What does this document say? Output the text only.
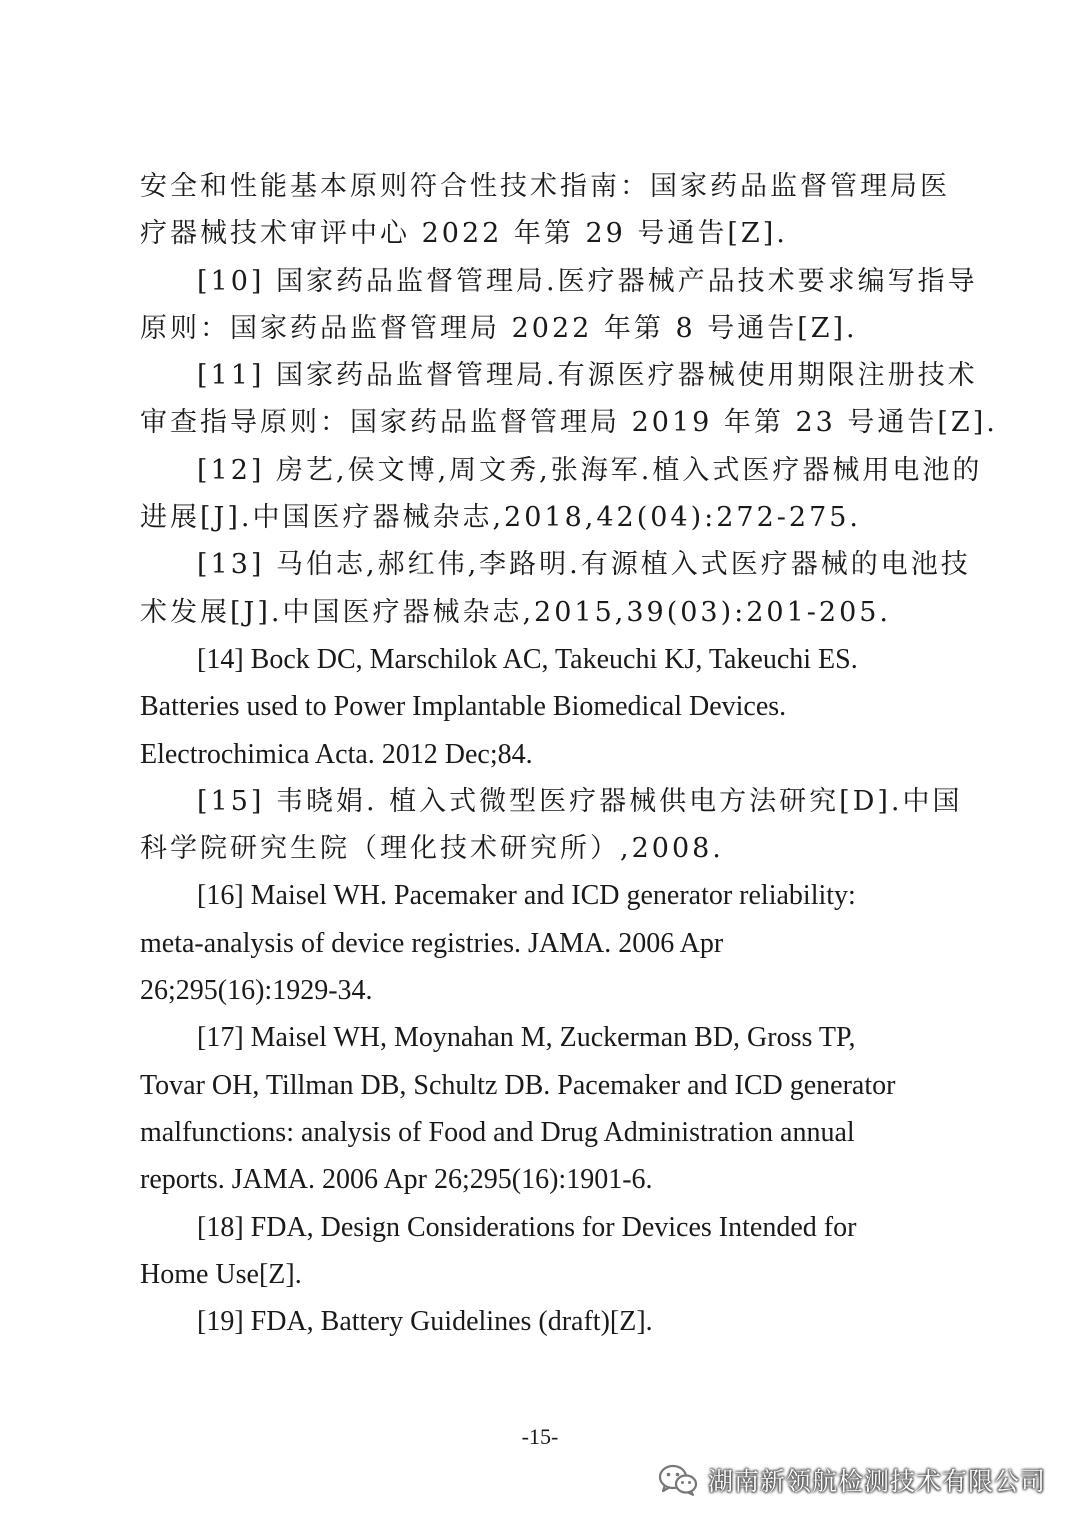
安全和性能基本原则符合性技术指南：国家药品监督管理局医
疗器械技术审评中心 2022 年第 29 号通告[Z].
[10] 国家药品监督管理局.医疗器械产品技术要求编写指导
原则：国家药品监督管理局 2022 年第 8 号通告[Z].
[11] 国家药品监督管理局.有源医疗器械使用期限注册技术
审查指导原则：国家药品监督管理局 2019 年第 23 号通告[Z].
[12] 房艺,侯文博,周文秀,张海军.植入式医疗器械用电池的
进展[J].中国医疗器械杂志,2018,42(04):272-275.
[13] 马伯志,郝红伟,李路明.有源植入式医疗器械的电池技
术发展[J].中国医疗器械杂志,2015,39(03):201-205.
[14] Bock DC, Marschilok AC, Takeuchi KJ, Takeuchi ES.
Batteries used to Power Implantable Biomedical Devices.
Electrochimica Acta. 2012 Dec;84.
[15] 韦晓娟. 植入式微型医疗器械供电方法研究[D].中国
科学院研究生院（理化技术研究所）,2008.
[16] Maisel WH. Pacemaker and ICD generator reliability:
meta-analysis of device registries. JAMA. 2006 Apr
26;295(16):1929-34.
[17] Maisel WH, Moynahan M, Zuckerman BD, Gross TP,
Tovar OH, Tillman DB, Schultz DB. Pacemaker and ICD generator
malfunctions: analysis of Food and Drug Administration annual
reports. JAMA. 2006 Apr 26;295(16):1901-6.
[18] FDA, Design Considerations for Devices Intended for
Home Use[Z].
[19] FDA, Battery Guidelines (draft)[Z].
-15-
湖南新领航检测技术有限公司
